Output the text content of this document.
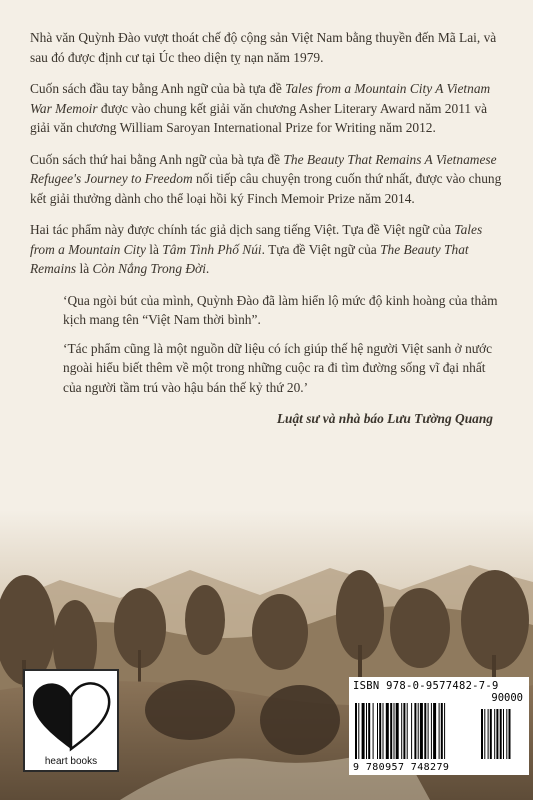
Nhà văn Quỳnh Đào vượt thoát chế độ cộng sản Việt Nam bằng thuyền đến Mã Lai, và sau đó được định cư tại Úc theo diện tỵ nạn năm 1979.

Cuốn sách đầu tay bằng Anh ngữ của bà tựa đề Tales from a Mountain City A Vietnam War Memoir được vào chung kết giải văn chương Asher Literary Award năm 2011 và giải văn chương William Saroyan International Prize for Writing năm 2012.

Cuốn sách thứ hai bằng Anh ngữ của bà tựa đề The Beauty That Remains A Vietnamese Refugee's Journey to Freedom nối tiếp câu chuyện trong cuốn thứ nhất, được vào chung kết giải thưởng dành cho thể loại hồi ký Finch Memoir Prize năm 2014.

Hai tác phẩm này được chính tác giả dịch sang tiếng Việt. Tựa đề Việt ngữ của Tales from a Mountain City là Tâm Tình Phố Núi. Tựa đề Việt ngữ của The Beauty That Remains là Còn Nắng Trong Đời.

‘Qua ngòi bút của mình, Quỳnh Đào đã làm hiển lộ mức độ kinh hoàng của thảm kịch mang tên “Việt Nam thời bình”.

‘Tác phẩm cũng là một nguồn dữ liệu có ích giúp thế hệ người Việt sanh ở nước ngoài hiểu biết thêm về một trong những cuộc ra đi tìm đường sống vĩ đại nhất của người tầm trú vào hậu bán thế kỷ thứ 20.’

Luật sư và nhà báo Lưu Tường Quang
heart books
ISBN 978-0-9577482-7-9
90000
9 780957 748279
